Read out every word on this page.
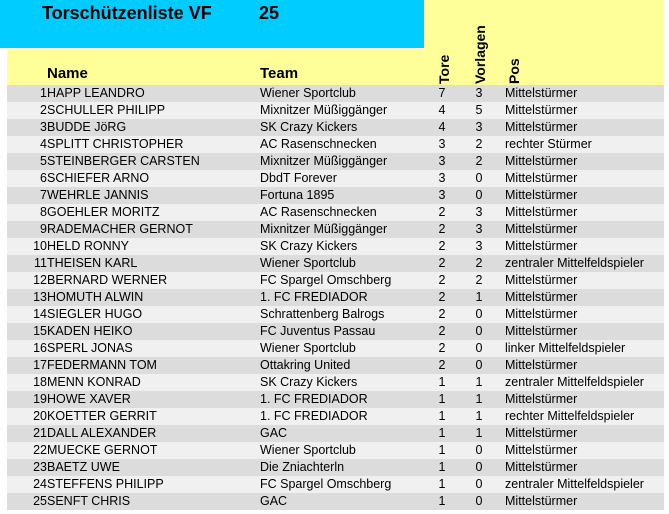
Torschützenliste VF	25
Name	Team	Tore Vorlagen Pos
1 HAPP LEANDRO	Wiener Sportclub	7 3 Mittelstürmer
2 SCHULLER PHILIPP	Mixnitzer Müßiggänger	4 5 Mittelstürmer
3 BUDDE JöRG	SK Crazy Kickers	4 3 Mittelstürmer
4 SPLITT CHRISTOPHER	AC Rasenschnecken	3 2 rechter Stürmer
5 STEINBERGER CARSTEN	Mixnitzer Müßiggänger	3 2 Mittelstürmer
6 SCHIEFER ARNO	DbdT Forever	3 0 Mittelstürmer
7 WEHRLE JANNIS	Fortuna 1895	3 0 Mittelstürmer
8 GOEHLER MORITZ	AC Rasenschnecken	2 3 Mittelstürmer
9 RADEMACHER GERNOT	Mixnitzer Müßiggänger	2 3 Mittelstürmer
10 HELD RONNY	SK Crazy Kickers	2 3 Mittelstürmer
11 THEISEN KARL	Wiener Sportclub	2 2 zentraler Mittelfeldspieler
12 BERNARD WERNER	FC Spargel Omschberg	2 2 Mittelstürmer
13 HOMUTH ALWIN	1. FC FREDIADOR	2 1 Mittelstürmer
14 SIEGLER HUGO	Schrattenberg Balrogs	2 0 Mittelstürmer
15 KADEN HEIKO	FC Juventus Passau	2 0 Mittelstürmer
16 SPERL JONAS	Wiener Sportclub	2 0 linker Mittelfeldspieler
17 FEDERMANN TOM	Ottakring United	2 0 Mittelstürmer
18 MENN KONRAD	SK Crazy Kickers	1 1 zentraler Mittelfeldspieler
19 HOWE XAVER	1. FC FREDIADOR	1 1 Mittelstürmer
20 KOETTER GERRIT	1. FC FREDIADOR	1 1 rechter Mittelfeldspieler
21 DALL ALEXANDER	GAC	1 1 Mittelstürmer
22 MUECKE GERNOT	Wiener Sportclub	1 0 Mittelstürmer
23 BAETZ UWE	Die Zniachterln	1 0 Mittelstürmer
24 STEFFENS PHILIPP	FC Spargel Omschberg	1 0 zentraler Mittelfeldspieler
25 SENFT CHRIS	GAC	1 0 Mittelstürmer
